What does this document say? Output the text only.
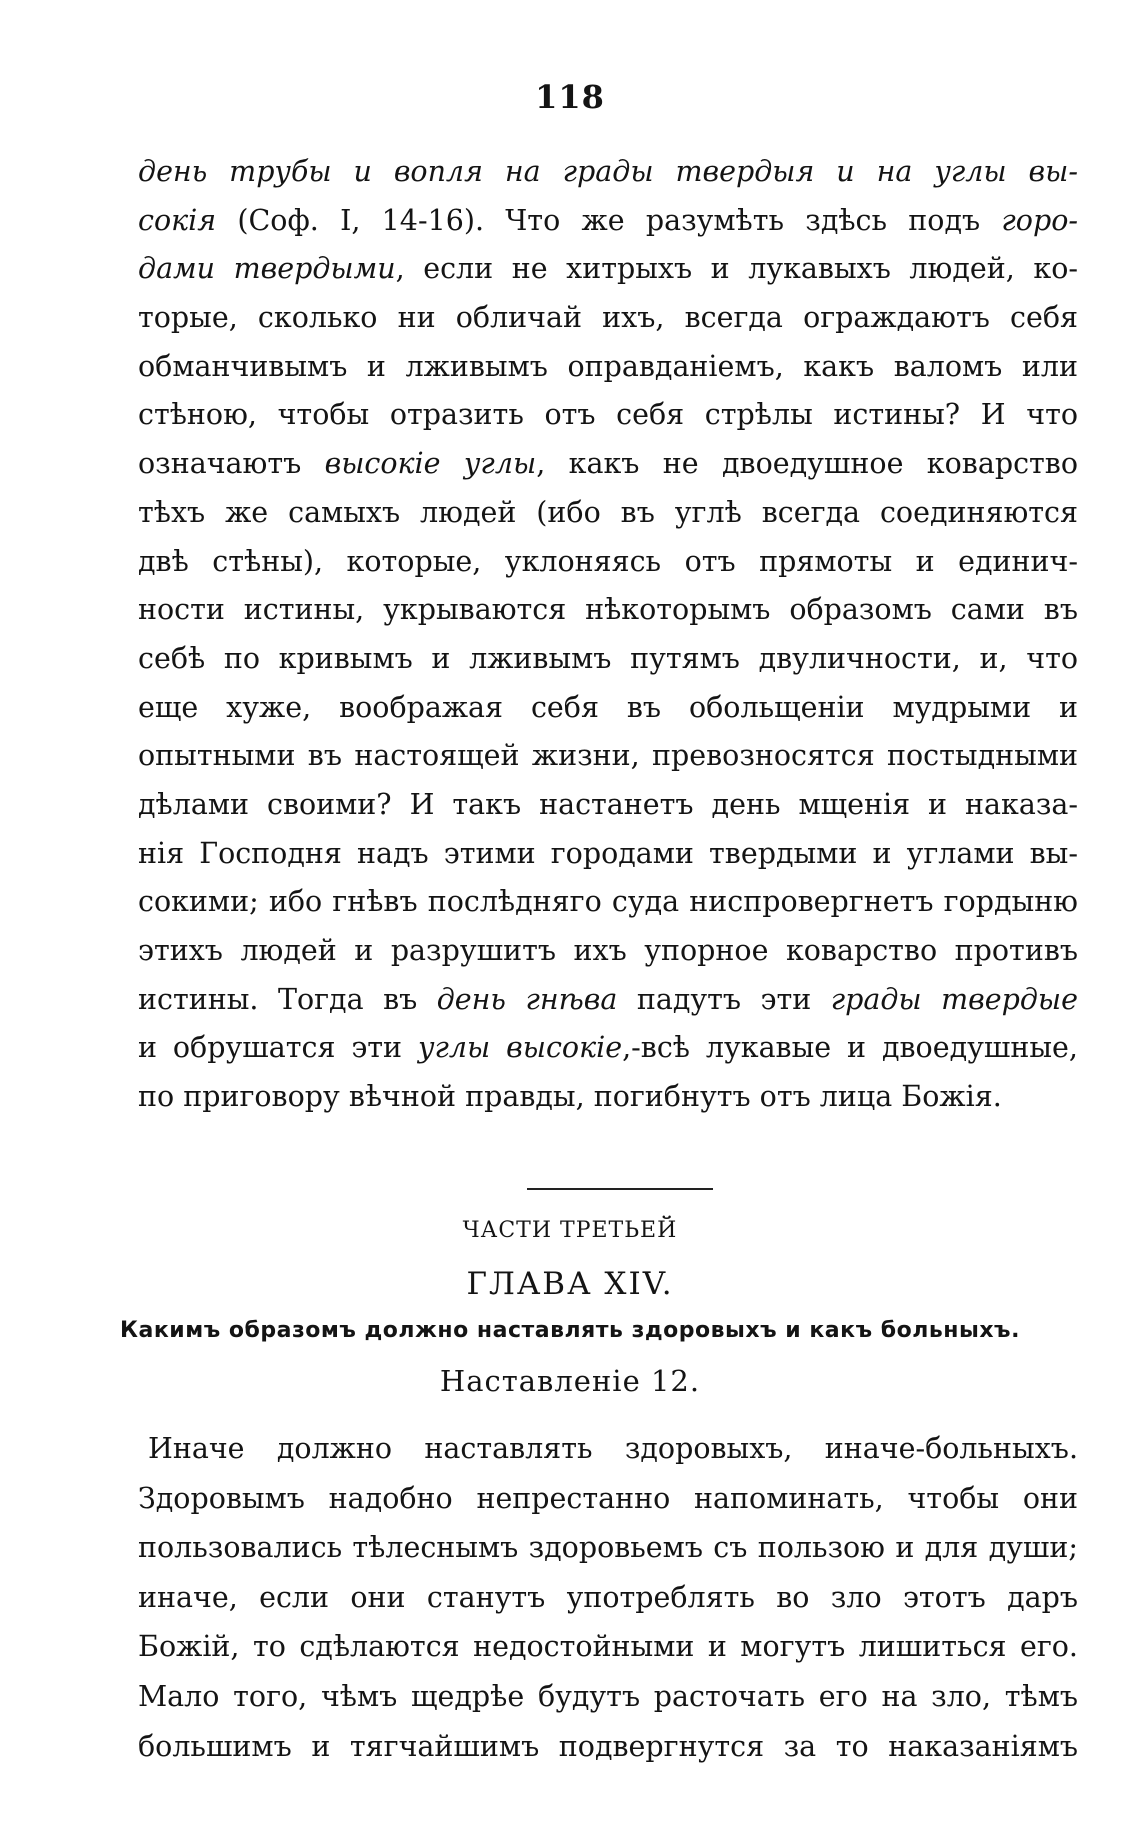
118
день трубы и вопля на грады твердыя и на углы вы-
сокія (Соф. I, 14-16). Что же разумѣть здѣсь подъ горо-
дами твердыми, если не хитрыхъ и лукавыхъ людей, ко-
торые, сколько ни обличай ихъ, всегда ограждаютъ себя
обманчивымъ и лживымъ оправданіемъ, какъ валомъ или
стѣною, чтобы отразить отъ себя стрѣлы истины? И что
означаютъ высокіе углы, какъ не двоедушное коварство
тѣхъ же самыхъ людей (ибо въ углѣ всегда соединяются
двѣ стѣны), которые, уклоняясь отъ прямоты и единич-
ности истины, укрываются нѣкоторымъ образомъ сами въ
себѣ по кривымъ и лживымъ путямъ двуличности, и, что
еще хуже, воображая себя въ обольщеніи мудрыми и
опытными въ настоящей жизни, превозносятся постыдными
дѣлами своими? И такъ настанетъ день мщенія и наказа-
нія Господня надъ этими городами твердыми и углами вы-
сокими; ибо гнѣвъ послѣдняго суда ниспровергнетъ гордыню
этихъ людей и разрушитъ ихъ упорное коварство противъ
истины. Тогда въ день гнѣва падутъ эти грады твердые
и обрушатся эти углы высокіе,-всѣ лукавые и двоедушные,
по приговору вѣчной правды, погибнутъ отъ лица Божія.
ЧАСТИ ТРЕТЬЕЙ
ГЛАВА XIV.
Какимъ образомъ должно наставлять здоровыхъ и какъ больныхъ.
Наставленіе 12.
Иначе должно наставлять здоровыхъ, иначе-больныхъ.
Здоровымъ надобно непрестанно напоминать, чтобы они
пользовались тѣлеснымъ здоровьемъ съ пользою и для души;
иначе, если они станутъ употреблять во зло этотъ даръ
Божій, то сдѣлаются недостойными и могутъ лишиться его.
Мало того, чѣмъ щедрѣе будутъ расточать его на зло, тѣмъ
большимъ и тягчайшимъ подвергнутся за то наказаніямъ
